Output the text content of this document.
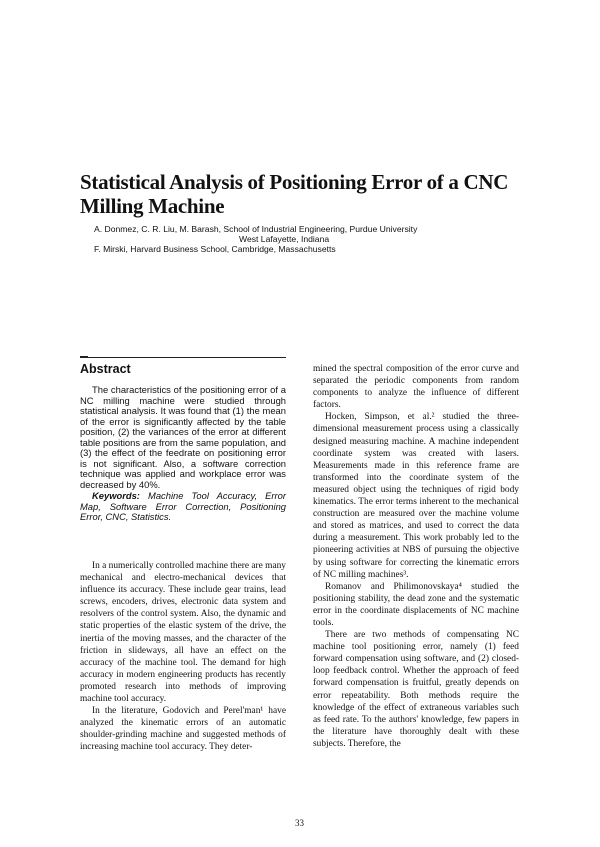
Statistical Analysis of Positioning Error of a CNC Milling Machine
A. Donmez, C. R. Liu, M. Barash, School of Industrial Engineering, Purdue University
West Lafayette, Indiana
F. Mirski, Harvard Business School, Cambridge, Massachusetts
Abstract

The characteristics of the positioning error of a NC milling machine were studied through statistical analysis. It was found that (1) the mean of the error is significantly affected by the table position, (2) the variances of the error at different table positions are from the same population, and (3) the effect of the feedrate on positioning error is not significant. Also, a software correction technique was applied and workplace error was decreased by 40%.

Keywords: Machine Tool Accuracy, Error Map, Software Error Correction, Positioning Error, CNC, Statistics.

In a numerically controlled machine there are many mechanical and electro-mechanical devices that influence its accuracy. These include gear trains, lead screws, encoders, drives, electronic data system and resolvers of the control system. Also, the dynamic and static properties of the elastic system of the drive, the inertia of the moving masses, and the character of the friction in slideways, all have an effect on the accuracy of the machine tool. The demand for high accuracy in modern engineering products has recently promoted research into methods of improving machine tool accuracy.

In the literature, Godovich and Perel'man¹ have analyzed the kinematic errors of an automatic shoulder-grinding machine and suggested methods of increasing machine tool accuracy. They deter-

mined the spectral composition of the error curve and separated the periodic components from random components to analyze the influence of different factors.

Hocken, Simpson, et al.² studied the three-dimensional measurement process using a classically designed measuring machine. A machine independent coordinate system was created with lasers. Measurements made in this reference frame are transformed into the coordinate system of the measured object using the techniques of rigid body kinematics. The error terms inherent to the mechanical construction are measured over the machine volume and stored as matrices, and used to correct the data during a measurement. This work probably led to the pioneering activities at NBS of pursuing the objective by using software for correcting the kinematic errors of NC milling machines³.

Romanov and Philimonovskaya⁴ studied the positioning stability, the dead zone and the systematic error in the coordinate displacements of NC machine tools.

There are two methods of compensating NC machine tool positioning error, namely (1) feed forward compensation using software, and (2) closed-loop feedback control. Whether the approach of feed forward compensation is fruitful, greatly depends on error repeatability. Both methods require the knowledge of the effect of extraneous variables such as feed rate. To the authors' knowledge, few papers in the literature have thoroughly dealt with these subjects. Therefore, the

33
